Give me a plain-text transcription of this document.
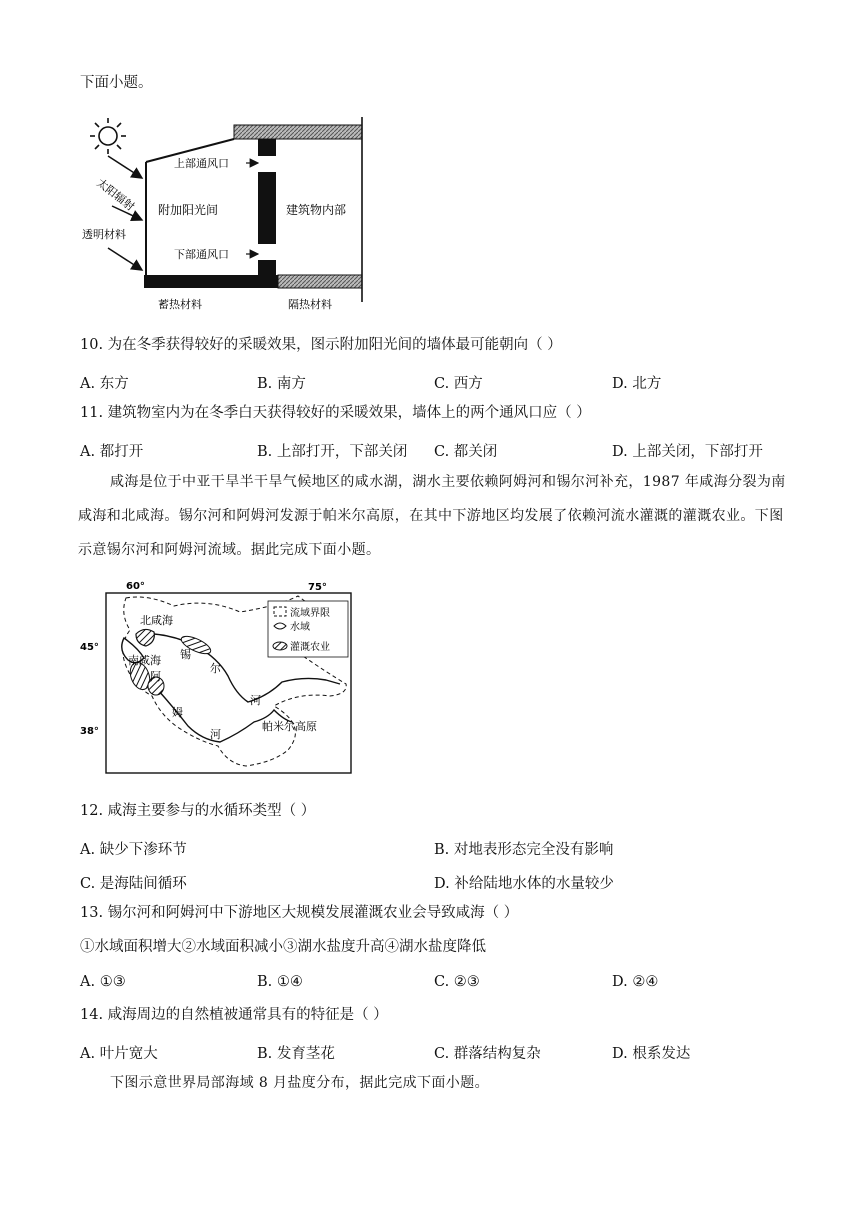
下面小题。
上部通风口
下部通风口
附加阳光间	建筑物内部
太阳辐射
透明材料
蓄热材料	隔热材料
10. 为在冬季获得较好的采暖效果，图示附加阳光间的墙体最可能朝向（ ）
A. 东方	B. 南方	C. 西方	D. 北方
11. 建筑物室内为在冬季白天获得较好的采暖效果，墙体上的两个通风口应（ ）
A. 都打开	B. 上部打开，下部关闭 C. 都关闭	D. 上部关闭，下部打开
咸海是位于中亚干旱半干旱气候地区的咸水湖，湖水主要依赖阿姆河和锡尔河补充，1987 年咸海分裂为南咸海和北咸海。锡尔河和阿姆河发源于帕米尔高原，在其中下游地区均发展了依赖河流水灌溉的灌溉农业。下图示意锡尔河和阿姆河流域。据此完成下面小题。
60°	75°
45°
38°
北咸海
南咸海 锡
尔
河
阿
姆
河
帕米尔高原
流域界限
水域
灌溉农业
12. 咸海主要参与的水循环类型（ ）
A. 缺少下渗环节	B. 对地表形态完全没有影响
C. 是海陆间循环	D. 补给陆地水体的水量较少
13. 锡尔河和阿姆河中下游地区大规模发展灌溉农业会导致咸海（ ）
①水域面积增大②水域面积减小③湖水盐度升高④湖水盐度降低
A. ①③	B. ①④	C. ②③	D. ②④
14. 咸海周边的自然植被通常具有的特征是（ ）
A. 叶片宽大	B. 发育茎花	C. 群落结构复杂	D. 根系发达
下图示意世界局部海域 8 月盐度分布，据此完成下面小题。
